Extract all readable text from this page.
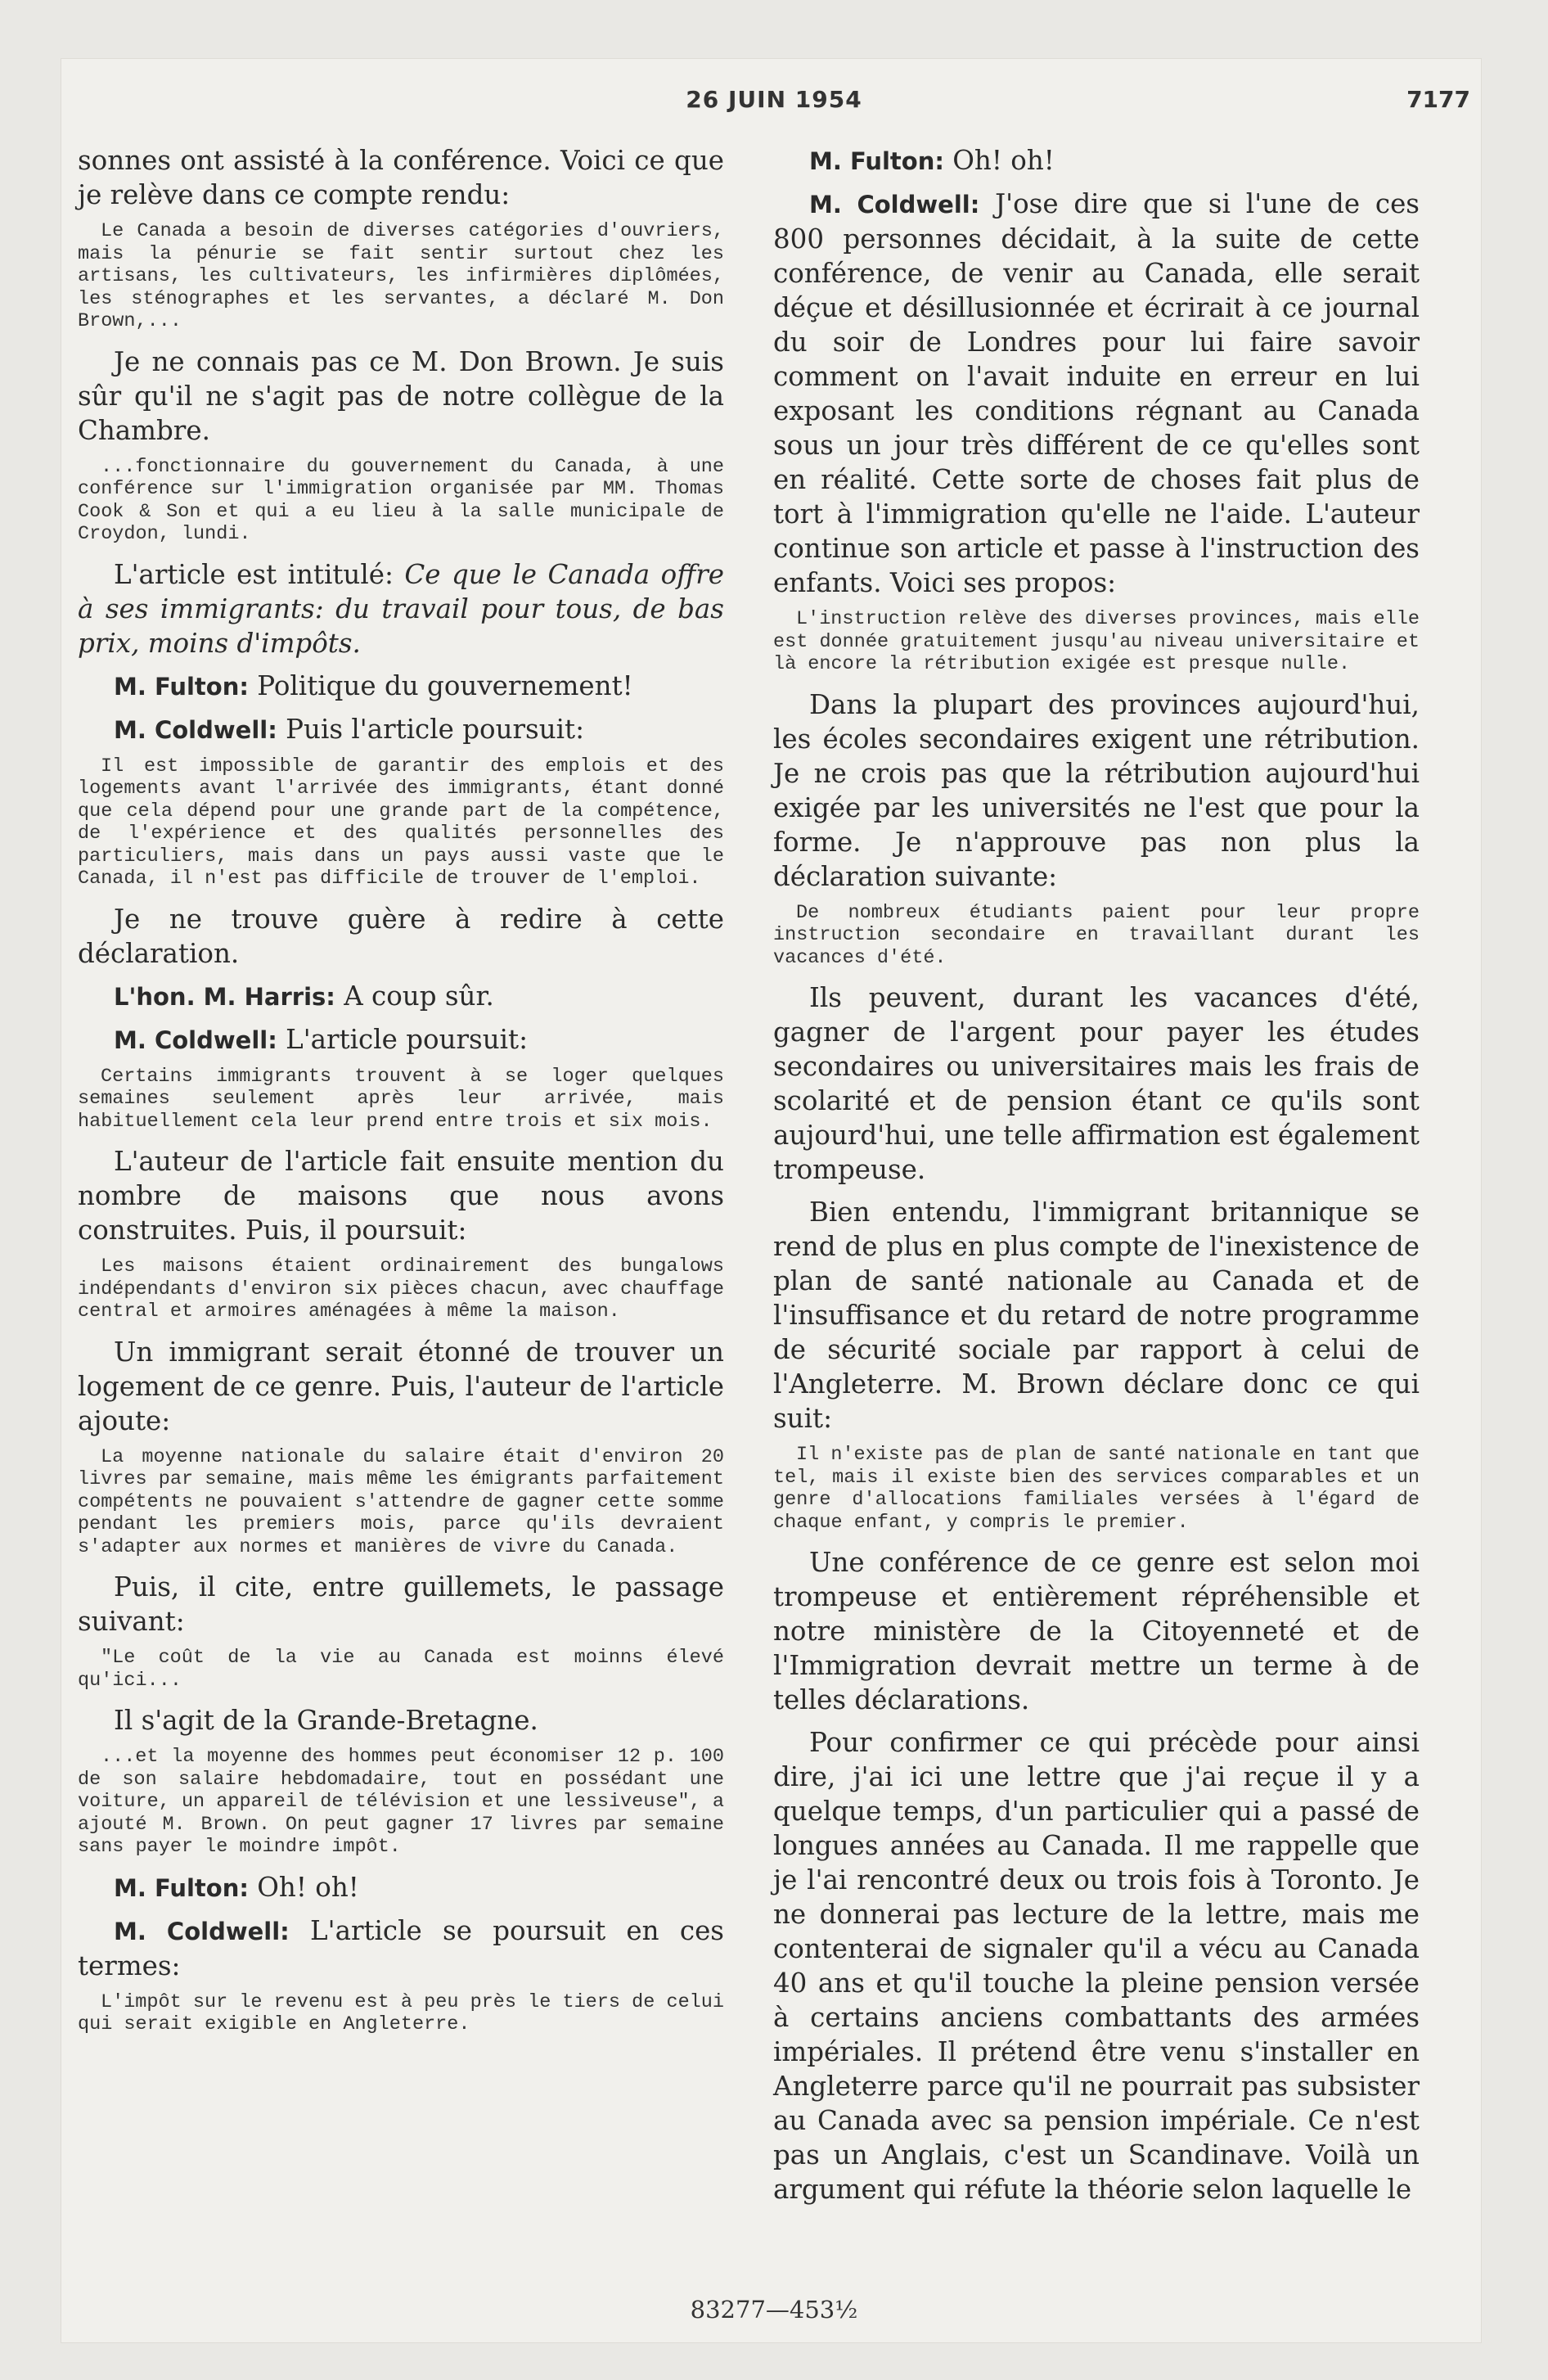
26 JUIN 1954	7177

sonnes ont assisté à la conférence. Voici ce que je relève dans ce compte rendu:

Le Canada a besoin de diverses catégories d'ouvriers, mais la pénurie se fait sentir surtout chez les artisans, les cultivateurs, les infirmières diplômées, les sténographes et les servantes, a déclaré M. Don Brown,...

Je ne connais pas ce M. Don Brown. Je suis sûr qu'il ne s'agit pas de notre collègue de la Chambre.

...fonctionnaire du gouvernement du Canada, à une conférence sur l'immigration organisée par MM. Thomas Cook & Son et qui a eu lieu à la salle municipale de Croydon, lundi.

L'article est intitulé: Ce que le Canada offre à ses immigrants: du travail pour tous, de bas prix, moins d'impôts.

M. Fulton: Politique du gouvernement!

M. Coldwell: Puis l'article poursuit:

Il est impossible de garantir des emplois et des logements avant l'arrivée des immigrants, étant donné que cela dépend pour une grande part de la compétence, de l'expérience et des qualités personnelles des particuliers, mais dans un pays aussi vaste que le Canada, il n'est pas difficile de trouver de l'emploi.

Je ne trouve guère à redire à cette déclaration.

L'hon. M. Harris: A coup sûr.

M. Coldwell: L'article poursuit:

Certains immigrants trouvent à se loger quelques semaines seulement après leur arrivée, mais habituellement cela leur prend entre trois et six mois.

L'auteur de l'article fait ensuite mention du nombre de maisons que nous avons construites. Puis, il poursuit:

Les maisons étaient ordinairement des bungalows indépendants d'environ six pièces chacun, avec chauffage central et armoires aménagées à même la maison.

Un immigrant serait étonné de trouver un logement de ce genre. Puis, l'auteur de l'article ajoute:

La moyenne nationale du salaire était d'environ 20 livres par semaine, mais même les émigrants parfaitement compétents ne pouvaient s'attendre de gagner cette somme pendant les premiers mois, parce qu'ils devraient s'adapter aux normes et manières de vivre du Canada.

Puis, il cite, entre guillemets, le passage suivant:

"Le coût de la vie au Canada est moinns élevé qu'ici...

Il s'agit de la Grande-Bretagne.

...et la moyenne des hommes peut économiser 12 p. 100 de son salaire hebdomadaire, tout en possédant une voiture, un appareil de télévision et une lessiveuse", a ajouté M. Brown. On peut gagner 17 livres par semaine sans payer le moindre impôt.

M. Fulton: Oh! oh!

M. Coldwell: L'article se poursuit en ces termes:

L'impôt sur le revenu est à peu près le tiers de celui qui serait exigible en Angleterre.

M. Fulton: Oh! oh!

M. Coldwell: J'ose dire que si l'une de ces 800 personnes décidait, à la suite de cette conférence, de venir au Canada, elle serait déçue et désillusionnée et écrirait à ce journal du soir de Londres pour lui faire savoir comment on l'avait induite en erreur en lui exposant les conditions régnant au Canada sous un jour très différent de ce qu'elles sont en réalité. Cette sorte de choses fait plus de tort à l'immigration qu'elle ne l'aide. L'auteur continue son article et passe à l'instruction des enfants. Voici ses propos:

L'instruction relève des diverses provinces, mais elle est donnée gratuitement jusqu'au niveau universitaire et là encore la rétribution exigée est presque nulle.

Dans la plupart des provinces aujourd'hui, les écoles secondaires exigent une rétribution. Je ne crois pas que la rétribution aujourd'hui exigée par les universités ne l'est que pour la forme. Je n'approuve pas non plus la déclaration suivante:

De nombreux étudiants paient pour leur propre instruction secondaire en travaillant durant les vacances d'été.

Ils peuvent, durant les vacances d'été, gagner de l'argent pour payer les études secondaires ou universitaires mais les frais de scolarité et de pension étant ce qu'ils sont aujourd'hui, une telle affirmation est également trompeuse.

Bien entendu, l'immigrant britannique se rend de plus en plus compte de l'inexistence de plan de santé nationale au Canada et de l'insuffisance et du retard de notre programme de sécurité sociale par rapport à celui de l'Angleterre. M. Brown déclare donc ce qui suit:

Il n'existe pas de plan de santé nationale en tant que tel, mais il existe bien des services comparables et un genre d'allocations familiales versées à l'égard de chaque enfant, y compris le premier.

Une conférence de ce genre est selon moi trompeuse et entièrement répréhensible et notre ministère de la Citoyenneté et de l'Immigration devrait mettre un terme à de telles déclarations.

Pour confirmer ce qui précède pour ainsi dire, j'ai ici une lettre que j'ai reçue il y a quelque temps, d'un particulier qui a passé de longues années au Canada. Il me rappelle que je l'ai rencontré deux ou trois fois à Toronto. Je ne donnerai pas lecture de la lettre, mais me contenterai de signaler qu'il a vécu au Canada 40 ans et qu'il touche la pleine pension versée à certains anciens combattants des armées impériales. Il prétend être venu s'installer en Angleterre parce qu'il ne pourrait pas subsister au Canada avec sa pension impériale. Ce n'est pas un Anglais, c'est un Scandinave. Voilà un argument qui réfute la théorie selon laquelle le

83277—453½
